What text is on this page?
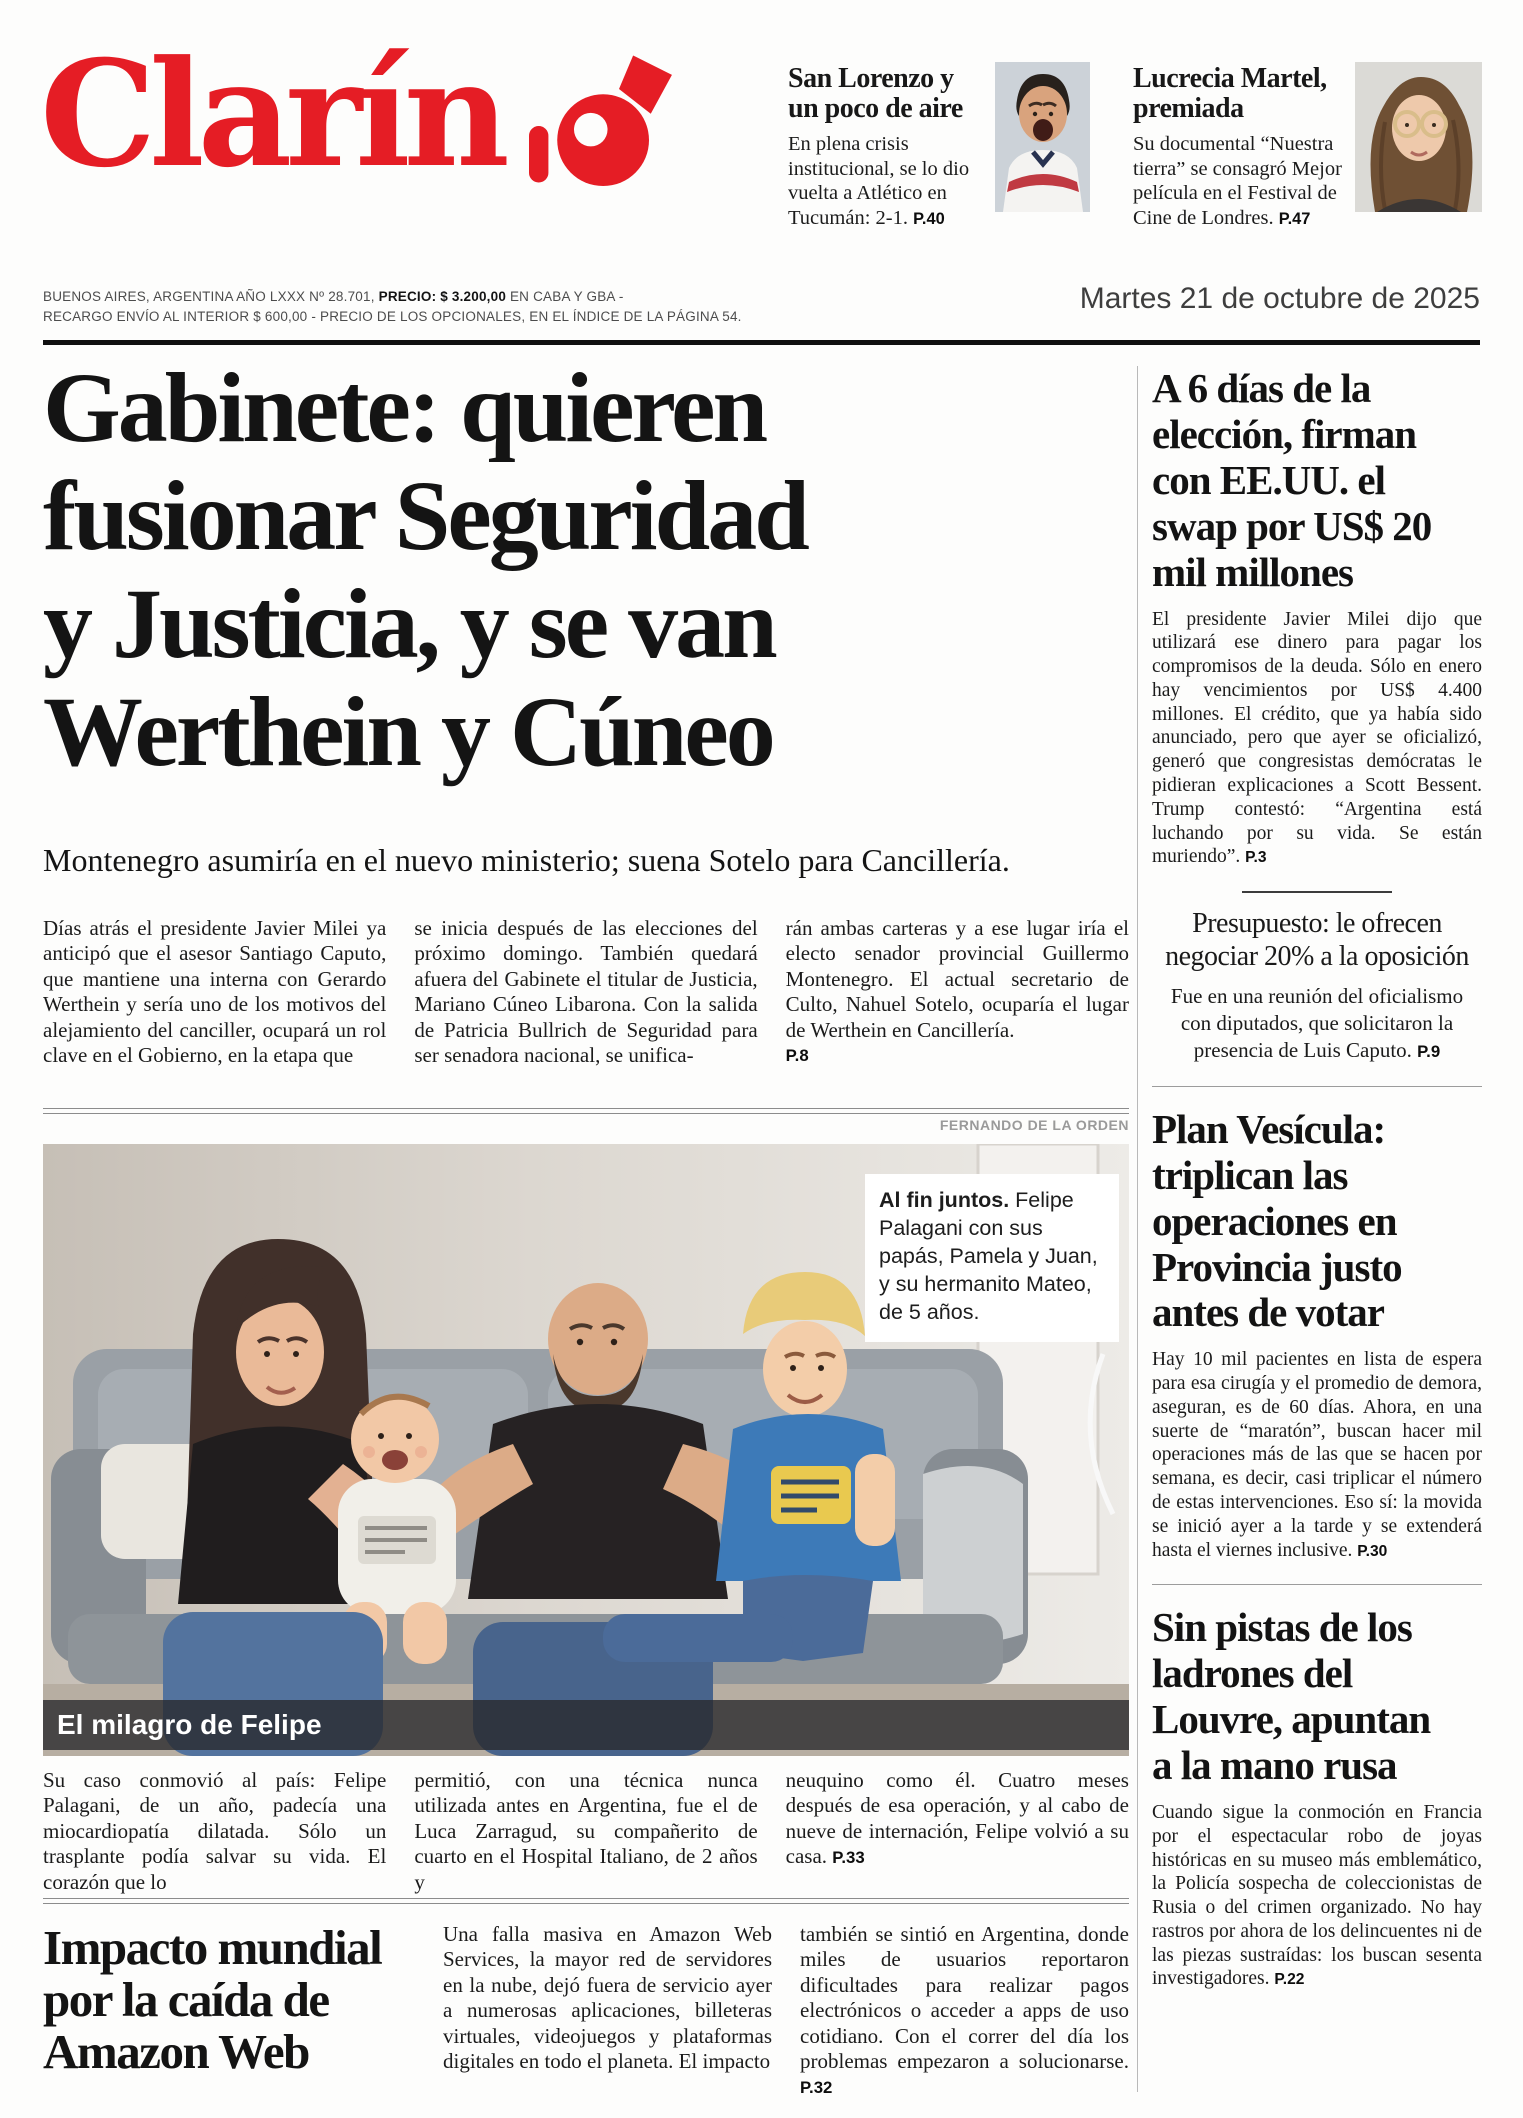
Clarín	San Lorenzo y
un poco de aire

En plena crisis institucional, se lo dio vuelta a Atlético en Tucumán: 2-1. P.40

Lucrecia Martel,
premiada

Su documental “Nuestra tierra” se consagró Mejor película en el Festival de Cine de Londres. P.47

BUENOS AIRES, ARGENTINA AÑO LXXX Nº 28.701, PRECIO: $ 3.200,00 EN CABA Y GBA -
RECARGO ENVÍO AL INTERIOR $ 600,00 - PRECIO DE LOS OPCIONALES, EN EL ÍNDICE DE LA PÁGINA 54.
Martes 21 de octubre de 2025
Gabinete: quieren
fusionar Seguridad
y Justicia, y se van
Werthein y Cúneo
Montenegro asumiría en el nuevo ministerio; suena Sotelo para Cancillería.

Días atrás el presidente Javier Milei ya anticipó que el asesor Santiago Caputo, que mantiene una interna con Gerardo Werthein y sería uno de los motivos del alejamiento del canciller, ocupará un rol clave en el Gobierno, en la etapa que

se inicia después de las elecciones del próximo domingo. También quedará afuera del Gabinete el titular de Justicia, Mariano Cúneo Libarona. Con la salida de Patricia Bullrich de Seguridad para ser senadora nacional, se unifica-

rán ambas carteras y a ese lugar iría el electo senador provincial Guillermo Montenegro. El actual secretario de Culto, Nahuel Sotelo, ocuparía el lugar de Werthein en Cancillería.
P.8

FERNANDO DE LA ORDEN
Al fin juntos. Felipe Palagani con sus papás, Pamela y Juan, y su hermanito Mateo, de 5 años.
El milagro de Felipe

Su caso conmovió al país: Felipe Palagani, de un año, padecía una miocardiopatía dilatada. Sólo un trasplante podía salvar su vida. El corazón que lo

permitió, con una técnica nunca utilizada antes en Argentina, fue el de Luca Zarragud, su compañerito de cuarto en el Hospital Italiano, de 2 años y

neuquino como él. Cuatro meses después de esa operación, y al cabo de nueve de internación, Felipe volvió a su casa. P.33

Impacto mundial
por la caída de
Amazon Web

Una falla masiva en Amazon Web Services, la mayor red de servidores en la nube, dejó fuera de servicio ayer a numerosas aplicaciones, billeteras virtuales, videojuegos y plataformas digitales en todo el planeta. El impacto

también se sintió en Argentina, donde miles de usuarios reportaron dificultades para realizar pagos electrónicos o acceder a apps de uso cotidiano. Con el correr del día los problemas empezaron a solucionarse. P.32

A 6 días de la
elección, firman
con EE.UU. el
swap por US$ 20
mil millones

El presidente Javier Milei dijo que utilizará ese dinero para pagar los compromisos de la deuda. Sólo en enero hay vencimientos por US$ 4.400 millones. El crédito, que ya había sido anunciado, pero que ayer se oficializó, generó que congresistas demócratas le pidieran explicaciones a Scott Bessent. Trump contestó: “Argentina está luchando por su vida. Se están muriendo”. P.3

Presupuesto: le ofrecen
negociar 20% a la oposición

Fue en una reunión del oficialismo con diputados, que solicitaron la presencia de Luis Caputo. P.9

Plan Vesícula:
triplican las
operaciones en
Provincia justo
antes de votar

Hay 10 mil pacientes en lista de espera para esa cirugía y el promedio de demora, aseguran, es de 60 días. Ahora, en una suerte de “maratón”, buscan hacer mil operaciones más de las que se hacen por semana, es decir, casi triplicar el número de estas intervenciones. Eso sí: la movida se inició ayer a la tarde y se extenderá hasta el viernes inclusive. P.30

Sin pistas de los
ladrones del
Louvre, apuntan
a la mano rusa

Cuando sigue la conmoción en Francia por el espectacular robo de joyas históricas en su museo más emblemático, la Policía sospecha de coleccionistas de Rusia o del crimen organizado. No hay rastros por ahora de los delincuentes ni de las piezas sustraídas: los buscan sesenta investigadores. P.22
